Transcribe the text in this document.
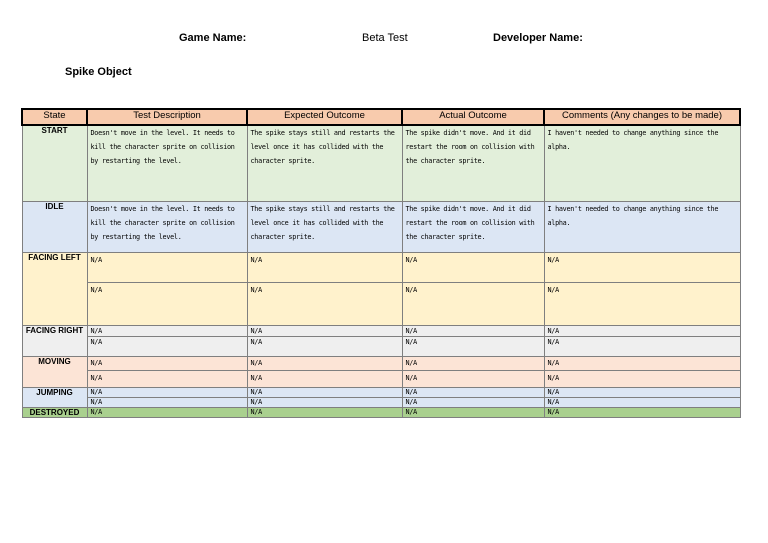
Game Name:	Beta Test	Developer Name:
Spike Object
State	Test Description	Expected Outcome	Actual Outcome	Comments (Any changes to be made)
START	Doesn't move in the level. It needs to kill the character sprite on collision by restarting the level.	The spike stays still and restarts the level once it has collided with the character sprite.	The spike didn't move. And it did restart the room on collision with the character sprite.	I haven't needed to change anything since the alpha.
IDLE	Doesn't move in the level. It needs to kill the character sprite on collision by restarting the level.	The spike stays still and restarts the level once it has collided with the character sprite.	The spike didn't move. And it did restart the room on collision with the character sprite.	I haven't needed to change anything since the alpha.
FACING LEFT	N/A	N/A	N/A	N/A
	N/A	N/A	N/A	N/A
FACING RIGHT	N/A	N/A	N/A	N/A
	N/A	N/A	N/A	N/A
MOVING	N/A	N/A	N/A	N/A
	N/A	N/A	N/A	N/A
JUMPING	N/A	N/A	N/A	N/A
	N/A	N/A	N/A	N/A
DESTROYED	N/A	N/A	N/A	N/A
